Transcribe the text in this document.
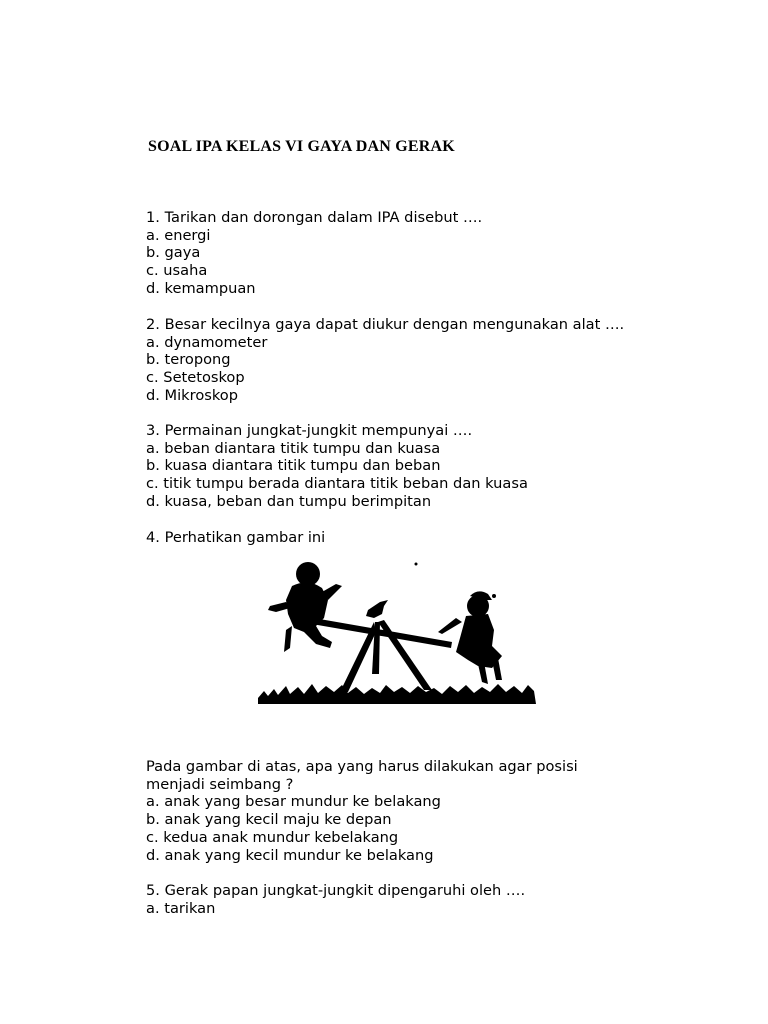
SOAL IPA KELAS VI GAYA DAN GERAK
1. Tarikan dan dorongan dalam IPA disebut ….
a. energi
b. gaya
c. usaha
d. kemampuan
2. Besar kecilnya gaya dapat diukur dengan mengunakan alat ….
a. dynamometer
b. teropong
c. Setetoskop
d. Mikroskop
3. Permainan jungkat-jungkit mempunyai ….
a. beban diantara titik tumpu dan kuasa
b. kuasa diantara titik tumpu dan beban
c. titik tumpu berada diantara titik beban dan kuasa
d. kuasa, beban dan tumpu berimpitan
4. Perhatikan gambar ini
Pada gambar di atas, apa yang harus dilakukan agar posisi
menjadi seimbang ?
a. anak yang besar mundur ke belakang
b. anak yang kecil maju ke depan
c. kedua anak mundur kebelakang
d. anak yang kecil mundur ke belakang
5. Gerak papan jungkat-jungkit dipengaruhi oleh ….
a. tarikan
